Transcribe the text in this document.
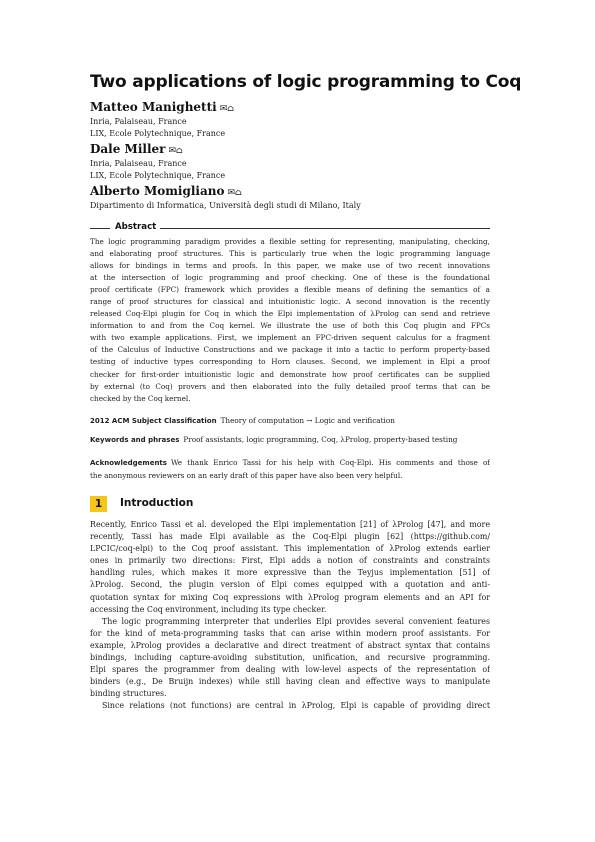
Two applications of logic programming to Coq
Matteo Manighetti ✉⌂
Inria, Palaiseau, France
LIX, Ecole Polytechnique, France
Dale Miller ✉⌂
Inria, Palaiseau, France
LIX, Ecole Polytechnique, France
Alberto Momigliano ✉⌂
Dipartimento di Informatica, Università degli studi di Milano, Italy
Abstract
The logic programming paradigm provides a flexible setting for representing, manipulating, checking,
and elaborating proof structures. This is particularly true when the logic programming language
allows for bindings in terms and proofs. In this paper, we make use of two recent innovations
at the intersection of logic programming and proof checking. One of these is the foundational
proof certificate (FPC) framework which provides a flexible means of defining the semantics of a
range of proof structures for classical and intuitionistic logic. A second innovation is the recently
released Coq-Elpi plugin for Coq in which the Elpi implementation of λProlog can send and retrieve
information to and from the Coq kernel. We illustrate the use of both this Coq plugin and FPCs
with two example applications. First, we implement an FPC-driven sequent calculus for a fragment
of the Calculus of Inductive Constructions and we package it into a tactic to perform property-based
testing of inductive types corresponding to Horn clauses. Second, we implement in Elpi a proof
checker for first-order intuitionistic logic and demonstrate how proof certificates can be supplied
by external (to Coq) provers and then elaborated into the fully detailed proof terms that can be
checked by the Coq kernel.
2012 ACM Subject Classification Theory of computation → Logic and verification
Keywords and phrases Proof assistants, logic programming, Coq, λProlog, property-based testing
Acknowledgements We thank Enrico Tassi for his help with Coq-Elpi. His comments and those of
the anonymous reviewers on an early draft of this paper have also been very helpful.
1	Introduction
Recently, Enrico Tassi et al. developed the Elpi implementation [21] of λProlog [47], and more
recently, Tassi has made Elpi available as the Coq-Elpi plugin [62] (https://github.com/
LPCIC/coq-elpi) to the Coq proof assistant. This implementation of λProlog extends earlier
ones in primarily two directions: First, Elpi adds a notion of constraints and constraints
handling rules, which makes it more expressive than the Teyjus implementation [51] of
λProlog. Second, the plugin version of Elpi comes equipped with a quotation and anti-
quotation syntax for mixing Coq expressions with λProlog program elements and an API for
accessing the Coq environment, including its type checker.
The logic programming interpreter that underlies Elpi provides several convenient features
for the kind of meta-programming tasks that can arise within modern proof assistants. For
example, λProlog provides a declarative and direct treatment of abstract syntax that contains
bindings, including capture-avoiding substitution, unification, and recursive programming.
Elpi spares the programmer from dealing with low-level aspects of the representation of
binders (e.g., De Bruijn indexes) while still having clean and effective ways to manipulate
binding structures.
Since relations (not functions) are central in λProlog, Elpi is capable of providing direct
